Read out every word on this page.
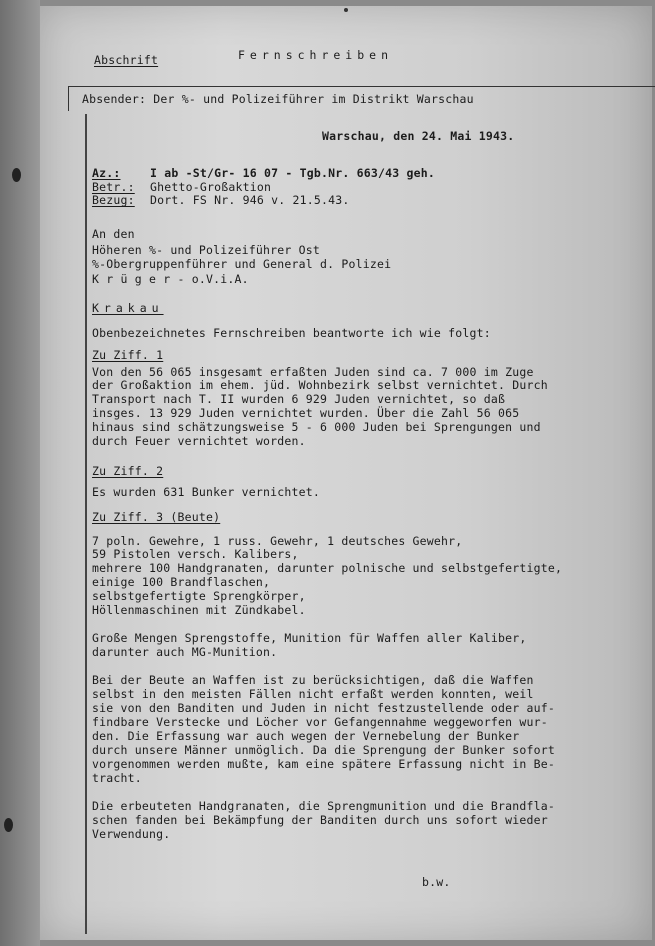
Abschrift	Fernschreiben
Absender: Der %- und Polizeiführer im Distrikt Warschau
Warschau, den 24. Mai 1943.
Az.:	I ab -St/Gr- 16 07 - Tgb.Nr. 663/43 geh.
Betr.: Ghetto-Großaktion
Bezug: Dort. FS Nr. 946 v. 21.5.43.
An den
Höheren %- und Polizeiführer Ost
%-Obergruppenführer und General d. Polizei
K r ü g e r - o.V.i.A.
Krakau
Obenbezeichnetes Fernschreiben beantworte ich wie folgt:
Zu Ziff. 1
Von den 56 065 insgesamt erfaßten Juden sind ca. 7 000 im Zuge
der Großaktion im ehem. jüd. Wohnbezirk selbst vernichtet. Durch
Transport nach T. II wurden 6 929 Juden vernichtet, so daß
insges. 13 929 Juden vernichtet wurden. Über die Zahl 56 065
hinaus sind schätzungsweise 5 - 6 000 Juden bei Sprengungen und
durch Feuer vernichtet worden.
Zu Ziff. 2
Es wurden 631 Bunker vernichtet.
Zu Ziff. 3 (Beute)
7 poln. Gewehre, 1 russ. Gewehr, 1 deutsches Gewehr,
59 Pistolen versch. Kalibers,
mehrere 100 Handgranaten, darunter polnische und selbstgefertigte,
einige 100 Brandflaschen,
selbstgefertigte Sprengkörper,
Höllenmaschinen mit Zündkabel.
Große Mengen Sprengstoffe, Munition für Waffen aller Kaliber,
darunter auch MG-Munition.
Bei der Beute an Waffen ist zu berücksichtigen, daß die Waffen
selbst in den meisten Fällen nicht erfaßt werden konnten, weil
sie von den Banditen und Juden in nicht festzustellende oder auf-
findbare Verstecke und Löcher vor Gefangennahme weggeworfen wur-
den. Die Erfassung war auch wegen der Vernebelung der Bunker
durch unsere Männer unmöglich. Da die Sprengung der Bunker sofort
vorgenommen werden mußte, kam eine spätere Erfassung nicht in Be-
tracht.
Die erbeuteten Handgranaten, die Sprengmunition und die Brandfla-
schen fanden bei Bekämpfung der Banditen durch uns sofort wieder
Verwendung.
b.w.
